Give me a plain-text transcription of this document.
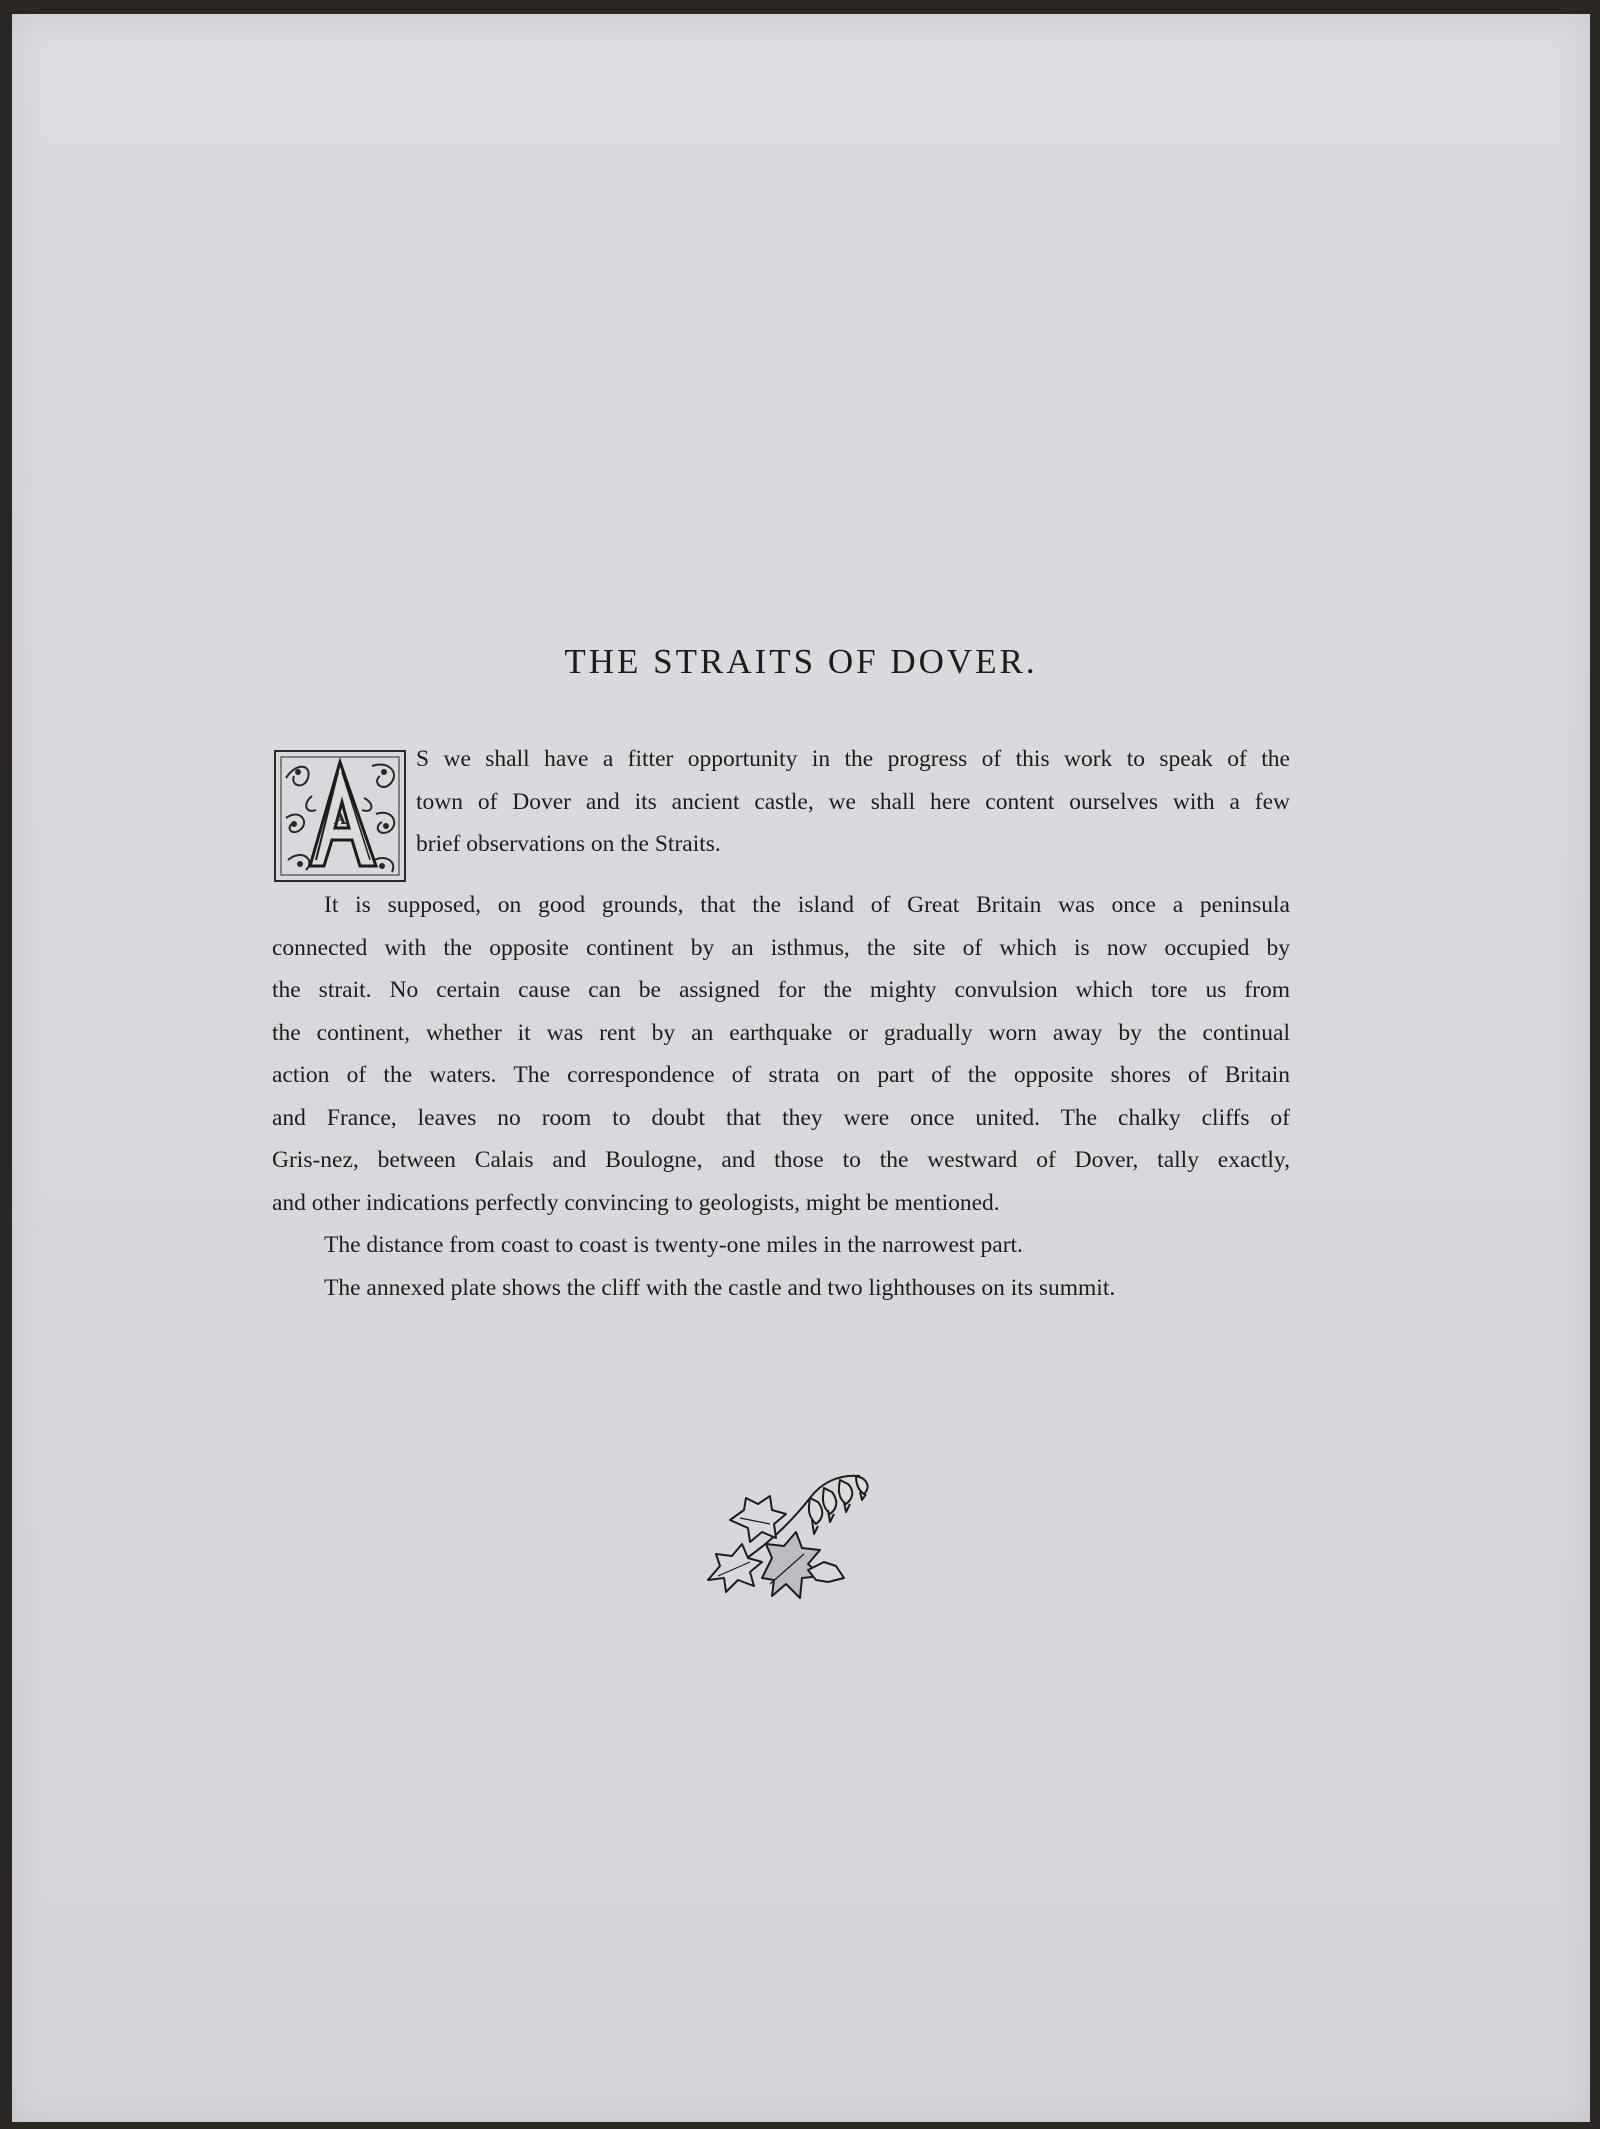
THE STRAITS OF DOVER.
A
S we shall have a fitter opportunity in the progress of this work to speak of the
town of Dover and its ancient castle, we shall here content ourselves with a few
brief observations on the Straits.
It is supposed, on good grounds, that the island of Great Britain was once a peninsula
connected with the opposite continent by an isthmus, the site of which is now occupied by
the strait. No certain cause can be assigned for the mighty convulsion which tore us from
the continent, whether it was rent by an earthquake or gradually worn away by the continual
action of the waters. The correspondence of strata on part of the opposite shores of Britain
and France, leaves no room to doubt that they were once united. The chalky cliffs of
Gris-nez, between Calais and Boulogne, and those to the westward of Dover, tally exactly,
and other indications perfectly convincing to geologists, might be mentioned.
The distance from coast to coast is twenty-one miles in the narrowest part.
The annexed plate shows the cliff with the castle and two lighthouses on its summit.
